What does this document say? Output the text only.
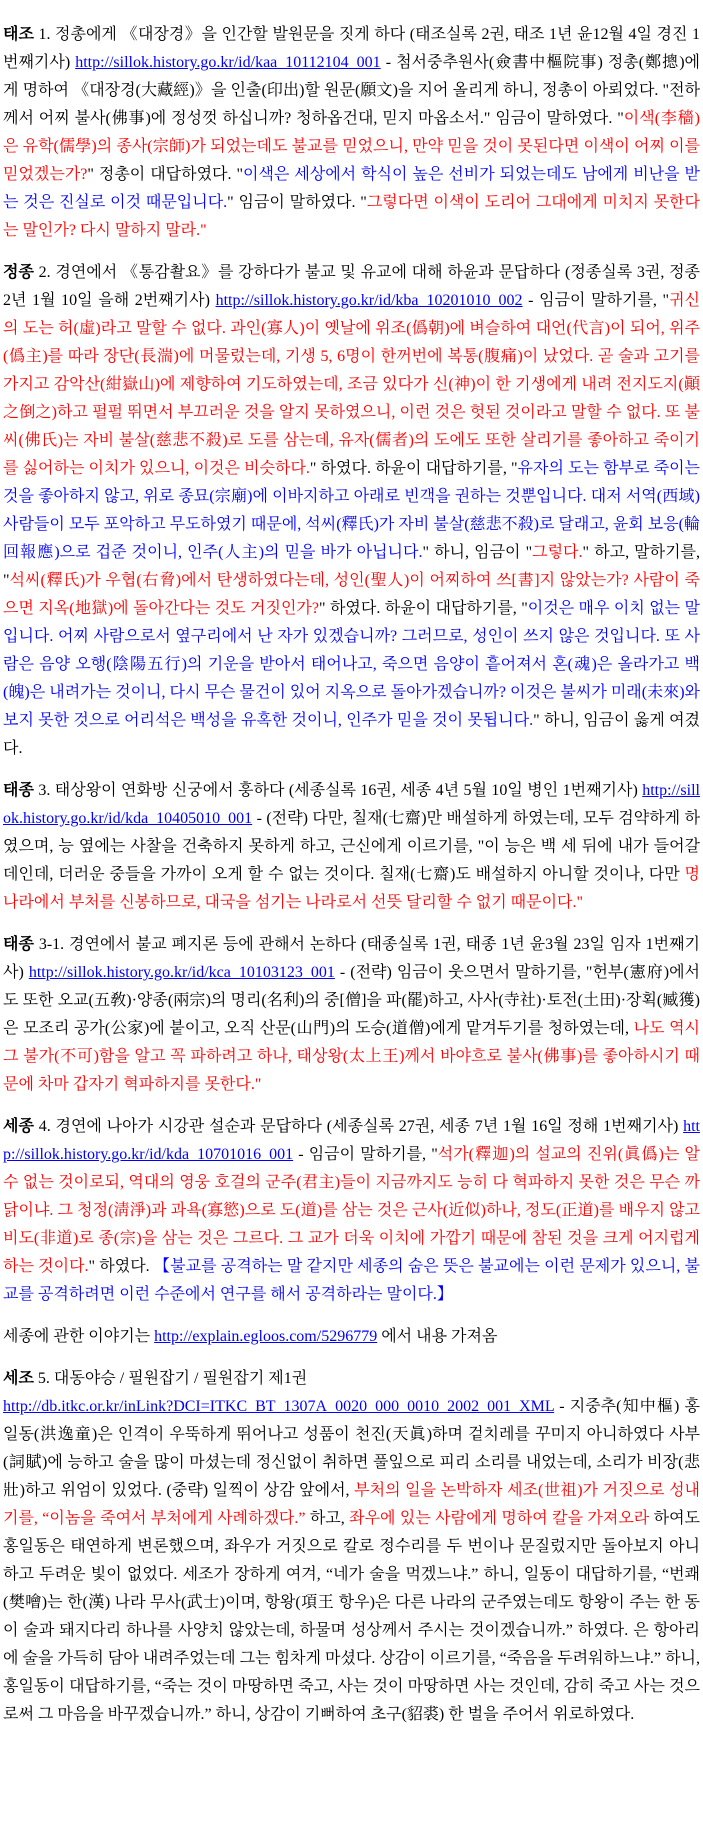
태조 1. 정총에게 《대장경》을 인간할 발원문을 짓게 하다 (태조실록 2권, 태조 1년 윤12월 4일 경진 1번째기사) http://sillok.history.go.kr/id/kaa_10112104_001 - 첨서중추원사(僉書中樞院事) 정총(鄭摠)에게 명하여 《대장경(大藏經)》을 인출(印出)할 원문(願文)을 지어 올리게 하니, 정총이 아뢰었다. "전하께서 어찌 불사(佛事)에 정성껏 하십니까? 청하옵건대, 믿지 마옵소서." 임금이 말하였다. "이색(李穡)은 유학(儒學)의 종사(宗師)가 되었는데도 불교를 믿었으니, 만약 믿을 것이 못된다면 이색이 어찌 이를 믿었겠는가?" 정총이 대답하였다. "이색은 세상에서 학식이 높은 선비가 되었는데도 남에게 비난을 받는 것은 진실로 이것 때문입니다." 임금이 말하였다. "그렇다면 이색이 도리어 그대에게 미치지 못한다는 말인가? 다시 말하지 말라."

정종 2. 경연에서 《통감촬요》를 강하다가 불교 및 유교에 대해 하윤과 문답하다 (정종실록 3권, 정종 2년 1월 10일 을해 2번째기사) http://sillok.history.go.kr/id/kba_10201010_002 - 임금이 말하기를, "귀신의 도는 허(虛)라고 말할 수 없다. 과인(寡人)이 옛날에 위조(僞朝)에 벼슬하여 대언(代言)이 되어, 위주(僞主)를 따라 장단(長湍)에 머물렀는데, 기생 5, 6명이 한꺼번에 복통(腹痛)이 났었다. 곧 술과 고기를 가지고 감악산(紺嶽山)에 제향하여 기도하였는데, 조금 있다가 신(神)이 한 기생에게 내려 전지도지(顚之倒之)하고 펄펄 뛰면서 부끄러운 것을 알지 못하였으니, 이런 것은 헛된 것이라고 말할 수 없다. 또 불씨(佛氏)는 자비 불살(慈悲不殺)로 도를 삼는데, 유자(儒者)의 도에도 또한 살리기를 좋아하고 죽이기를 싫어하는 이치가 있으니, 이것은 비슷하다." 하였다. 하윤이 대답하기를, "유자의 도는 함부로 죽이는 것을 좋아하지 않고, 위로 종묘(宗廟)에 이바지하고 아래로 빈객을 권하는 것뿐입니다. 대저 서역(西域) 사람들이 모두 포악하고 무도하였기 때문에, 석씨(釋氏)가 자비 불살(慈悲不殺)로 달래고, 윤회 보응(輪回報應)으로 겁준 것이니, 인주(人主)의 믿을 바가 아닙니다." 하니, 임금이 "그렇다." 하고, 말하기를, "석씨(釋氏)가 우협(右脅)에서 탄생하였다는데, 성인(聖人)이 어찌하여 쓰[書]지 않았는가? 사람이 죽으면 지옥(地獄)에 돌아간다는 것도 거짓인가?" 하였다. 하윤이 대답하기를, "이것은 매우 이치 없는 말입니다. 어찌 사람으로서 옆구리에서 난 자가 있겠습니까? 그러므로, 성인이 쓰지 않은 것입니다. 또 사람은 음양 오행(陰陽五行)의 기운을 받아서 태어나고, 죽으면 음양이 흩어져서 혼(魂)은 올라가고 백(魄)은 내려가는 것이니, 다시 무슨 물건이 있어 지옥으로 돌아가겠습니까? 이것은 불씨가 미래(未來)와 보지 못한 것으로 어리석은 백성을 유혹한 것이니, 인주가 믿을 것이 못됩니다." 하니, 임금이 옳게 여겼다.

태종 3. 태상왕이 연화방 신궁에서 훙하다 (세종실록 16권, 세종 4년 5월 10일 병인 1번째기사) http://sillok.history.go.kr/id/kda_10405010_001 - (전략) 다만, 칠재(七齋)만 배설하게 하였는데, 모두 검약하게 하였으며, 능 옆에는 사찰을 건축하지 못하게 하고, 근신에게 이르기를, "이 능은 백 세 뒤에 내가 들어갈 데인데, 더러운 중들을 가까이 오게 할 수 없는 것이다. 칠재(七齋)도 배설하지 아니할 것이나, 다만 명나라에서 부처를 신봉하므로, 대국을 섬기는 나라로서 선뜻 달리할 수 없기 때문이다."

태종 3-1. 경연에서 불교 폐지론 등에 관해서 논하다 (태종실록 1권, 태종 1년 윤3월 23일 임자 1번째기사) http://sillok.history.go.kr/id/kca_10103123_001 - (전략) 임금이 웃으면서 말하기를, "헌부(憲府)에서도 또한 오교(五敎)·양종(兩宗)의 명리(名利)의 중[僧]을 파(罷)하고, 사사(寺社)·토전(土田)·장획(臧獲)은 모조리 공가(公家)에 붙이고, 오직 산문(山門)의 도승(道僧)에게 맡겨두기를 청하였는데, 나도 역시 그 불가(不可)함을 알고 꼭 파하려고 하나, 태상왕(太上王)께서 바야흐로 불사(佛事)를 좋아하시기 때문에 차마 갑자기 혁파하지를 못한다."

세종 4. 경연에 나아가 시강관 설순과 문답하다 (세종실록 27권, 세종 7년 1월 16일 정해 1번째기사) http://sillok.history.go.kr/id/kda_10701016_001 - 임금이 말하기를, "석가(釋迦)의 설교의 진위(眞僞)는 알 수 없는 것이로되, 역대의 영웅 호걸의 군주(君主)들이 지금까지도 능히 다 혁파하지 못한 것은 무슨 까닭이냐. 그 청정(淸淨)과 과욕(寡慾)으로 도(道)를 삼는 것은 근사(近似)하나, 정도(正道)를 배우지 않고 비도(非道)로 종(宗)을 삼는 것은 그르다. 그 교가 더욱 이치에 가깝기 때문에 참된 것을 크게 어지럽게 하는 것이다." 하였다. 【불교를 공격하는 말 같지만 세종의 숨은 뜻은 불교에는 이런 문제가 있으니, 불교를 공격하려면 이런 수준에서 연구를 해서 공격하라는 말이다.】

세종에 관한 이야기는 http://explain.egloos.com/5296779 에서 내용 가져옴

세조 5. 대동야승 / 필원잡기 / 필원잡기 제1권
http://db.itkc.or.kr/inLink?DCI=ITKC_BT_1307A_0020_000_0010_2002_001_XML - 지중추(知中樞) 홍일동(洪逸童)은 인격이 우뚝하게 뛰어나고 성품이 천진(天眞)하며 겉치레를 꾸미지 아니하였다 사부(詞賦)에 능하고 술을 많이 마셨는데 정신없이 취하면 풀잎으로 피리 소리를 내었는데, 소리가 비장(悲壯)하고 위엄이 있었다. (중략) 일찍이 상감 앞에서, 부처의 일을 논박하자 세조(世祖)가 거짓으로 성내기를, “이놈을 죽여서 부처에게 사례하겠다.” 하고, 좌우에 있는 사람에게 명하여 칼을 가져오라 하여도 홍일동은 태연하게 변론했으며, 좌우가 거짓으로 칼로 정수리를 두 번이나 문질렀지만 돌아보지 아니하고 두려운 빛이 없었다. 세조가 장하게 여겨, “네가 술을 먹겠느냐.” 하니, 일동이 대답하기를, “번쾌(樊噲)는 한(漢) 나라 무사(武士)이며, 항왕(項王 항우)은 다른 나라의 군주였는데도 항왕이 주는 한 동이 술과 돼지다리 하나를 사양치 않았는데, 하물며 성상께서 주시는 것이겠습니까.” 하였다. 은 항아리에 술을 가득히 담아 내려주었는데 그는 힘차게 마셨다. 상감이 이르기를, “죽음을 두려워하느냐.” 하니, 홍일동이 대답하기를, “죽는 것이 마땅하면 죽고, 사는 것이 마땅하면 사는 것인데, 감히 죽고 사는 것으로써 그 마음을 바꾸겠습니까.” 하니, 상감이 기뻐하여 초구(貂裘) 한 벌을 주어서 위로하였다.
